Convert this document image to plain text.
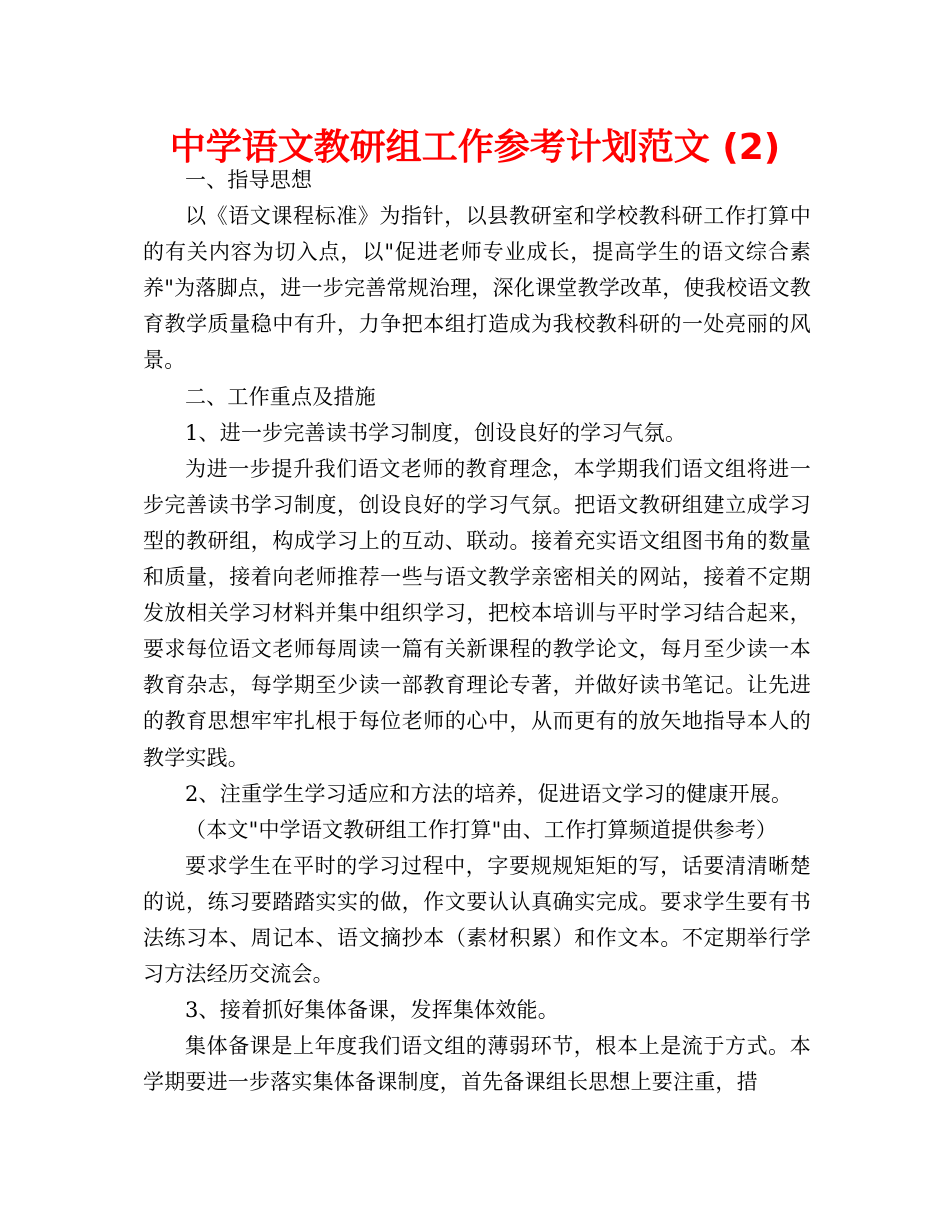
中学语文教研组工作参考计划范文 (2)

一、指导思想

以《语文课程标准》为指针，以县教研室和学校教科研工作打算中的有关内容为切入点，以"促进老师专业成长，提高学生的语文综合素养"为落脚点，进一步完善常规治理，深化课堂教学改革，使我校语文教育教学质量稳中有升，力争把本组打造成为我校教科研的一处亮丽的风景。

二、工作重点及措施

1、进一步完善读书学习制度，创设良好的学习气氛。

为进一步提升我们语文老师的教育理念，本学期我们语文组将进一步完善读书学习制度，创设良好的学习气氛。把语文教研组建立成学习型的教研组，构成学习上的互动、联动。接着充实语文组图书角的数量和质量，接着向老师推荐一些与语文教学亲密相关的网站，接着不定期发放相关学习材料并集中组织学习，把校本培训与平时学习结合起来，要求每位语文老师每周读一篇有关新课程的教学论文，每月至少读一本教育杂志，每学期至少读一部教育理论专著，并做好读书笔记。让先进的教育思想牢牢扎根于每位老师的心中，从而更有的放矢地指导本人的教学实践。

2、注重学生学习适应和方法的培养，促进语文学习的健康开展。

（本文"中学语文教研组工作打算"由、工作打算频道提供参考）

要求学生在平时的学习过程中，字要规规矩矩的写，话要清清晰楚的说，练习要踏踏实实的做，作文要认认真确实完成。要求学生要有书法练习本、周记本、语文摘抄本（素材积累）和作文本。不定期举行学习方法经历交流会。

3、接着抓好集体备课，发挥集体效能。

集体备课是上年度我们语文组的薄弱环节，根本上是流于方式。本学期要进一步落实集体备课制度，首先备课组长思想上要注重，措
